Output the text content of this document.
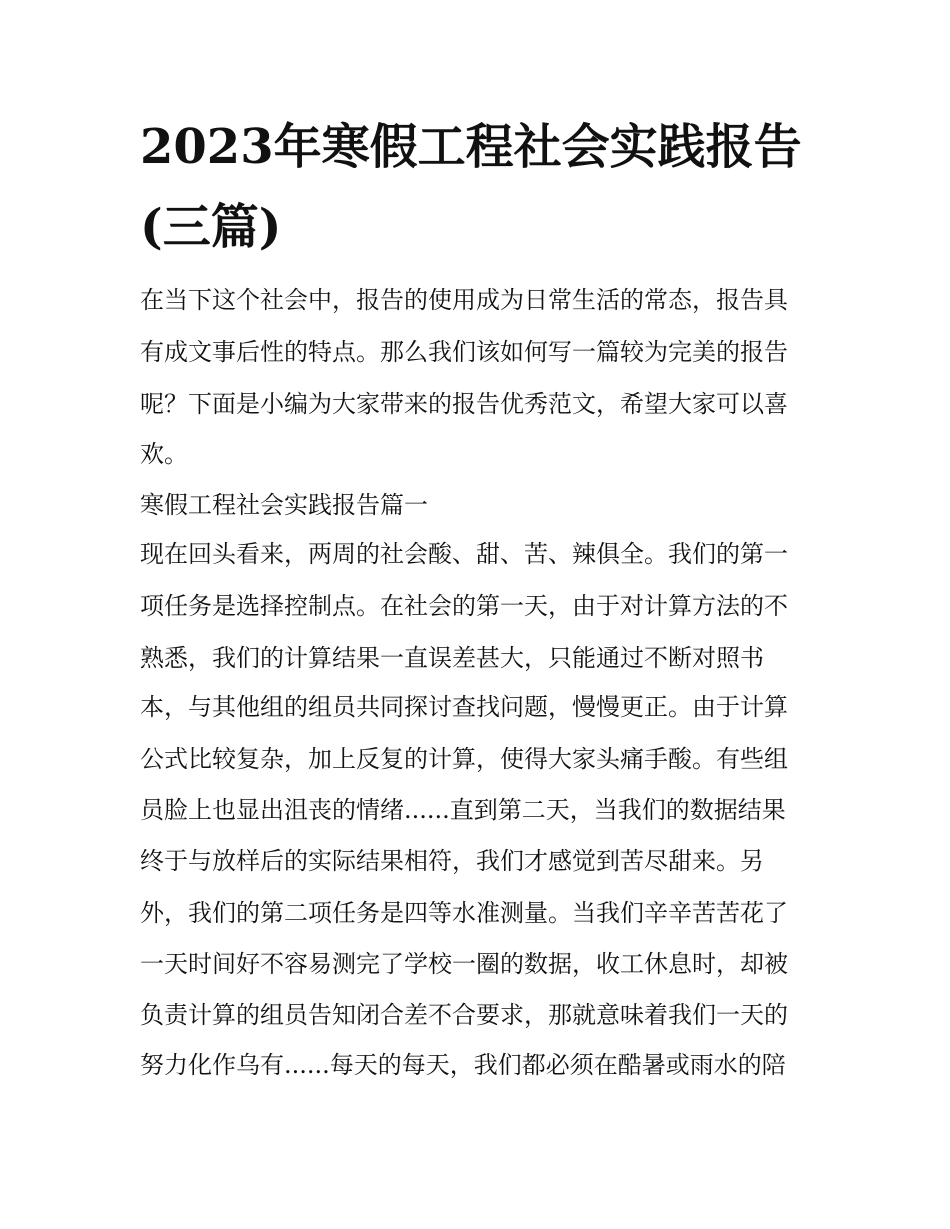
2023年寒假工程社会实践报告
(三篇)

在当下这个社会中，报告的使用成为日常生活的常态，报告具

有成文事后性的特点。那么我们该如何写一篇较为完美的报告

呢？下面是小编为大家带来的报告优秀范文，希望大家可以喜

欢。

寒假工程社会实践报告篇一

现在回头看来，两周的社会酸、甜、苦、辣俱全。我们的第一

项任务是选择控制点。在社会的第一天，由于对计算方法的不

熟悉，我们的计算结果一直误差甚大，只能通过不断对照书

本，与其他组的组员共同探讨查找问题，慢慢更正。由于计算

公式比较复杂，加上反复的计算，使得大家头痛手酸。有些组

员脸上也显出沮丧的情绪......直到第二天，当我们的数据结果

终于与放样后的实际结果相符，我们才感觉到苦尽甜来。另

外，我们的第二项任务是四等水准测量。当我们辛辛苦苦花了

一天时间好不容易测完了学校一圈的数据，收工休息时，却被

负责计算的组员告知闭合差不合要求，那就意味着我们一天的

努力化作乌有......每天的每天，我们都必须在酷暑或雨水的陪
